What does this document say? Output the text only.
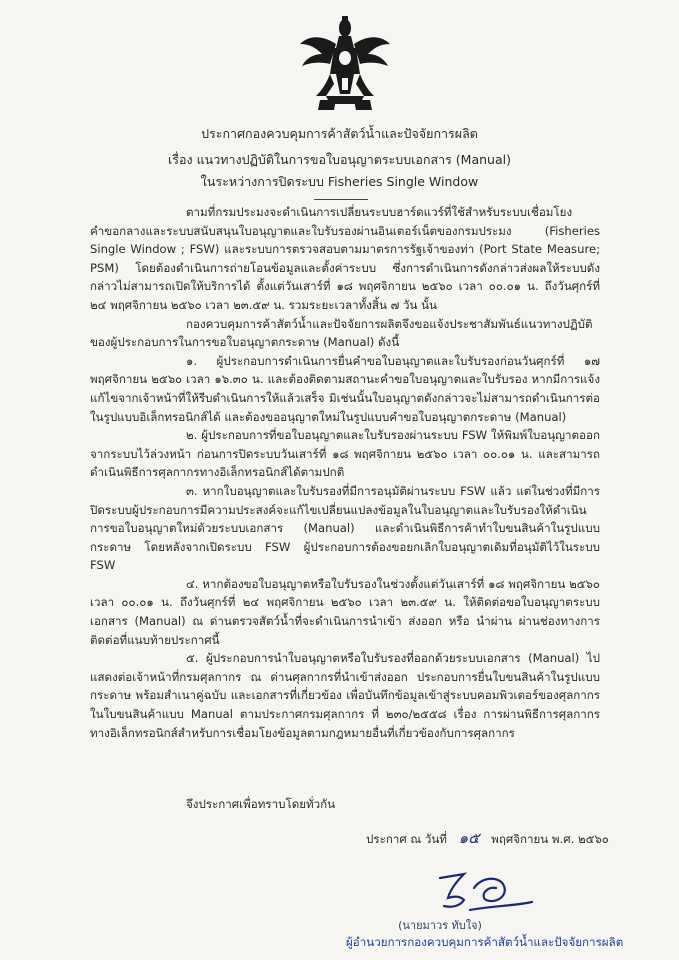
ประกาศกองควบคุมการค้าสัตว์น้ำและปัจจัยการผลิต
เรื่อง แนวทางปฏิบัติในการขอใบอนุญาตระบบเอกสาร (Manual)
ในระหว่างการปิดระบบ Fisheries Single Window

ตามที่กรมประมงจะดำเนินการเปลี่ยนระบบฮาร์ดแวร์ที่ใช้สำหรับระบบเชื่อมโยงคำขอกลางและระบบสนับสนุนใบอนุญาตและใบรับรองผ่านอินเตอร์เน็ตของกรมประมง (Fisheries Single Window ; FSW) และระบบการตรวจสอบตามมาตรการรัฐเจ้าของท่า (Port State Measure; PSM) โดยต้องดำเนินการถ่ายโอนข้อมูลและตั้งค่าระบบ ซึ่งการดำเนินการดังกล่าวส่งผลให้ระบบดังกล่าวไม่สามารถเปิดให้บริการได้ ตั้งแต่วันเสาร์ที่ ๑๘ พฤศจิกายน ๒๕๖๐ เวลา ๐๐.๐๑ น. ถึงวันศุกร์ที่ ๒๔ พฤศจิกายน ๒๕๖๐ เวลา ๒๓.๕๙ น. รวมระยะเวลาทั้งสิ้น ๗ วัน นั้น

กองควบคุมการค้าสัตว์น้ำและปัจจัยการผลิตจึงขอแจ้งประชาสัมพันธ์แนวทางปฏิบัติของผู้ประกอบการในการขอใบอนุญาตกระดาษ (Manual) ดังนี้

๑. ผู้ประกอบการดำเนินการยื่นคำขอใบอนุญาตและใบรับรองก่อนวันศุกร์ที่ ๑๗ พฤศจิกายน ๒๕๖๐ เวลา ๑๖.๓๐ น. และต้องติดตามสถานะคำขอใบอนุญาตและใบรับรอง หากมีการแจ้งแก้ไขจากเจ้าหน้าที่ให้รีบดำเนินการให้แล้วเสร็จ มิเช่นนั้นใบอนุญาตดังกล่าวจะไม่สามารถดำเนินการต่อในรูปแบบอิเล็กทรอนิกส์ได้ และต้องขออนุญาตใหม่ในรูปแบบคำขอใบอนุญาตกระดาษ (Manual)

๒. ผู้ประกอบการที่ขอใบอนุญาตและใบรับรองผ่านระบบ FSW ให้พิมพ์ใบอนุญาตออกจากระบบไว้ล่วงหน้า ก่อนการปิดระบบวันเสาร์ที่ ๑๘ พฤศจิกายน ๒๕๖๐ เวลา ๐๐.๐๑ น. และสามารถดำเนินพิธีการศุลกากรทางอิเล็กทรอนิกส์ได้ตามปกติ

๓. หากใบอนุญาตและใบรับรองที่มีการอนุมัติผ่านระบบ FSW แล้ว แต่ในช่วงที่มีการปิดระบบผู้ประกอบการมีความประสงค์จะแก้ไขเปลี่ยนแปลงข้อมูลในใบอนุญาตและใบรับรองให้ดำเนินการขอใบอนุญาตใหม่ด้วยระบบเอกสาร (Manual) และดำเนินพิธีการค้าทำใบขนสินค้าในรูปแบบกระดาษ โดยหลังจากเปิดระบบ FSW ผู้ประกอบการต้องขอยกเลิกใบอนุญาตเดิมที่อนุมัติไว้ในระบบ FSW

๔. หากต้องขอใบอนุญาตหรือใบรับรองในช่วงตั้งแต่วันเสาร์ที่ ๑๘ พฤศจิกายน ๒๕๖๐ เวลา ๐๐.๐๑ น. ถึงวันศุกร์ที่ ๒๔ พฤศจิกายน ๒๕๖๐ เวลา ๒๓.๕๙ น. ให้ติดต่อขอใบอนุญาตระบบเอกสาร (Manual) ณ ด่านตรวจสัตว์น้ำที่จะดำเนินการนำเข้า ส่งออก หรือ นำผ่าน ผ่านช่องทางการติดต่อที่แนบท้ายประกาศนี้

๕. ผู้ประกอบการนำใบอนุญาตหรือใบรับรองที่ออกด้วยระบบเอกสาร (Manual) ไปแสดงต่อเจ้าหน้าที่กรมศุลกากร ณ ด่านศุลกากรที่นำเข้าส่งออก ประกอบการยื่นใบขนสินค้าในรูปแบบกระดาษ พร้อมสำเนาคู่ฉบับ และเอกสารที่เกี่ยวข้อง เพื่อบันทึกข้อมูลเข้าสู่ระบบคอมพิวเตอร์ของศุลกากรในใบขนสินค้าแบบ Manual ตามประกาศกรมศุลกากร ที่ ๒๓๐/๒๕๕๘ เรื่อง การผ่านพิธีการศุลกากรทางอิเล็กทรอนิกส์สำหรับการเชื่อมโยงข้อมูลตามกฎหมายอื่นที่เกี่ยวข้องกับการศุลกากร

จึงประกาศเพื่อทราบโดยทั่วกัน
ประกาศ ณ วันที่ ๑๕ พฤศจิกายน พ.ศ. ๒๕๖๐
(นายมาวร ทับใจ)
ผู้อำนวยการกองควบคุมการค้าสัตว์น้ำและปัจจัยการผลิต
